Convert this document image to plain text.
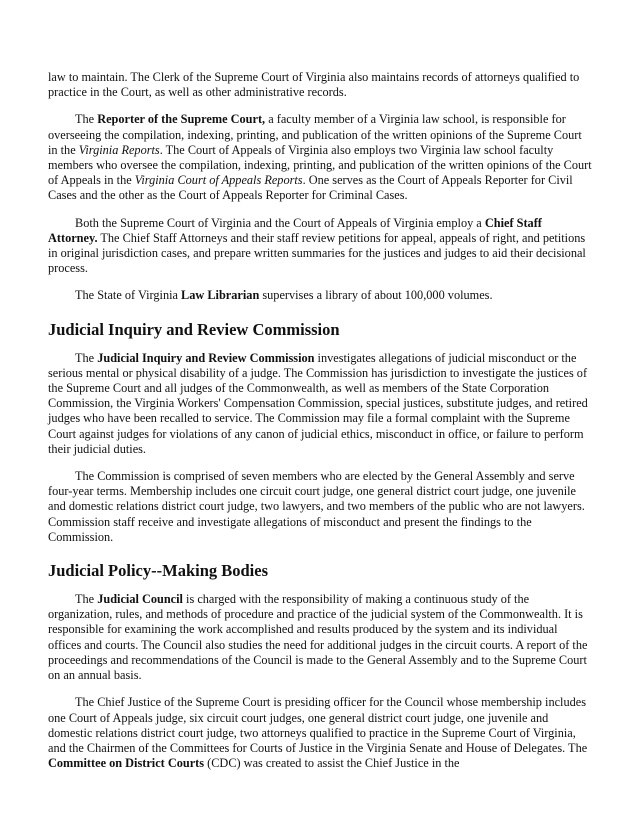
law to maintain. The Clerk of the Supreme Court of Virginia also maintains records of attorneys qualified to practice in the Court, as well as other administrative records.

The Reporter of the Supreme Court, a faculty member of a Virginia law school, is responsible for overseeing the compilation, indexing, printing, and publication of the written opinions of the Supreme Court in the Virginia Reports. The Court of Appeals of Virginia also employs two Virginia law school faculty members who oversee the compilation, indexing, printing, and publication of the written opinions of the Court of Appeals in the Virginia Court of Appeals Reports. One serves as the Court of Appeals Reporter for Civil Cases and the other as the Court of Appeals Reporter for Criminal Cases.

Both the Supreme Court of Virginia and the Court of Appeals of Virginia employ a Chief Staff Attorney. The Chief Staff Attorneys and their staff review petitions for appeal, appeals of right, and petitions in original jurisdiction cases, and prepare written summaries for the justices and judges to aid their decisional process.

The State of Virginia Law Librarian supervises a library of about 100,000 volumes.

Judicial Inquiry and Review Commission

The Judicial Inquiry and Review Commission investigates allegations of judicial misconduct or the serious mental or physical disability of a judge. The Commission has jurisdiction to investigate the justices of the Supreme Court and all judges of the Commonwealth, as well as members of the State Corporation Commission, the Virginia Workers' Compensation Commission, special justices, substitute judges, and retired judges who have been recalled to service. The Commission may file a formal complaint with the Supreme Court against judges for violations of any canon of judicial ethics, misconduct in office, or failure to perform their judicial duties.

The Commission is comprised of seven members who are elected by the General Assembly and serve four-year terms. Membership includes one circuit court judge, one general district court judge, one juvenile and domestic relations district court judge, two lawyers, and two members of the public who are not lawyers. Commission staff receive and investigate allegations of misconduct and present the findings to the Commission.

Judicial Policy--Making Bodies

The Judicial Council is charged with the responsibility of making a continuous study of the organization, rules, and methods of procedure and practice of the judicial system of the Commonwealth. It is responsible for examining the work accomplished and results produced by the system and its individual offices and courts. The Council also studies the need for additional judges in the circuit courts. A report of the proceedings and recommendations of the Council is made to the General Assembly and to the Supreme Court on an annual basis.

The Chief Justice of the Supreme Court is presiding officer for the Council whose membership includes one Court of Appeals judge, six circuit court judges, one general district court judge, one juvenile and domestic relations district court judge, two attorneys qualified to practice in the Supreme Court of Virginia, and the Chairmen of the Committees for Courts of Justice in the Virginia Senate and House of Delegates. The Committee on District Courts (CDC) was created to assist the Chief Justice in the
